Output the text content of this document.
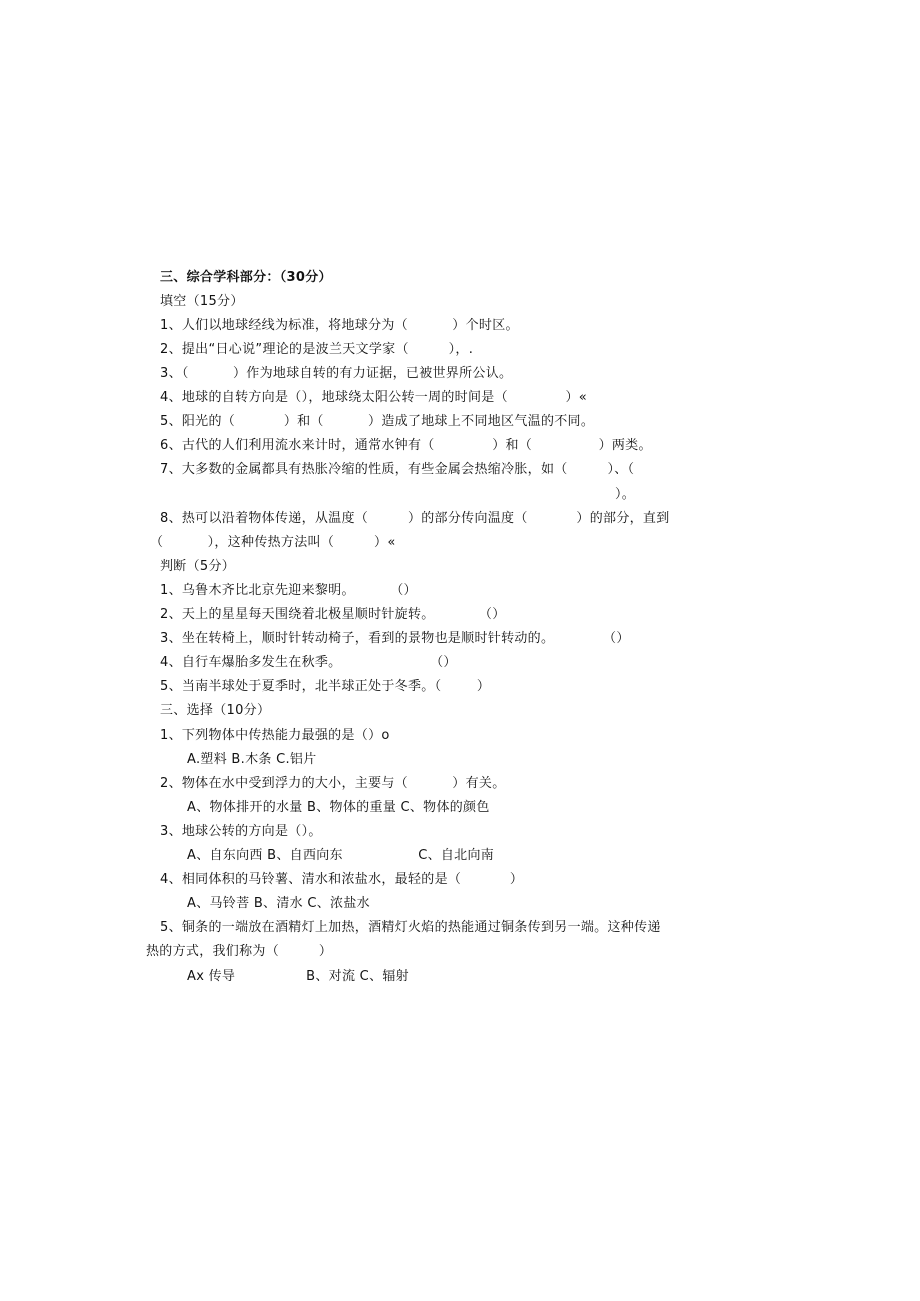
三、综合学科部分：（30分）
填空（15分）
1、人们以地球经线为标准，将地球分为（          ）个时区。
2、提出“日心说”理论的是波兰天文学家（         ），.
3、（          ）作为地球自转的有力证据，已被世界所公认。
4、地球的自转方向是（），地球绕太阳公转一周的时间是（             ）«
5、阳光的（           ）和（          ）造成了地球上不同地区气温的不同。
6、古代的人们利用流水来计时，通常水钟有（             ）和（               ）两类。
7、大多数的金属都具有热胀冷缩的性质，有些金属会热缩冷胀，如（         ）、（
）。
8、热可以沿着物体传递，从温度（         ）的部分传向温度（           ）的部分，直到
（          ），这种传热方法叫（         ）«
判断（5分）
1、乌鲁木齐比北京先迎来黎明。        （）
2、天上的星星每天围绕着北极星顺时针旋转。          （）
3、坐在转椅上，顺时针转动椅子，看到的景物也是顺时针转动的。           （）
4、自行车爆胎多发生在秋季。                    （）
5、当南半球处于夏季时，北半球正处于冬季。（        ）
三、选择（10分）
1、下列物体中传热能力最强的是（）o
A.塑料 B.木条 C.铝片
2、物体在水中受到浮力的大小，主要与（          ）有关。
A、物体排开的水量 B、物体的重量 C、物体的颜色
3、地球公转的方向是（）。
A、自东向西 B、自西向东                 C、自北向南
4、相同体积的马铃薯、清水和浓盐水，最轻的是（           ）
A、马铃菩 B、清水 C、浓盐水
5、铜条的一端放在酒精灯上加热，酒精灯火焰的热能通过铜条传到另一端。这种传递
热的方式，我们称为（         ）
Ax 传导                B、对流 C、辐射
